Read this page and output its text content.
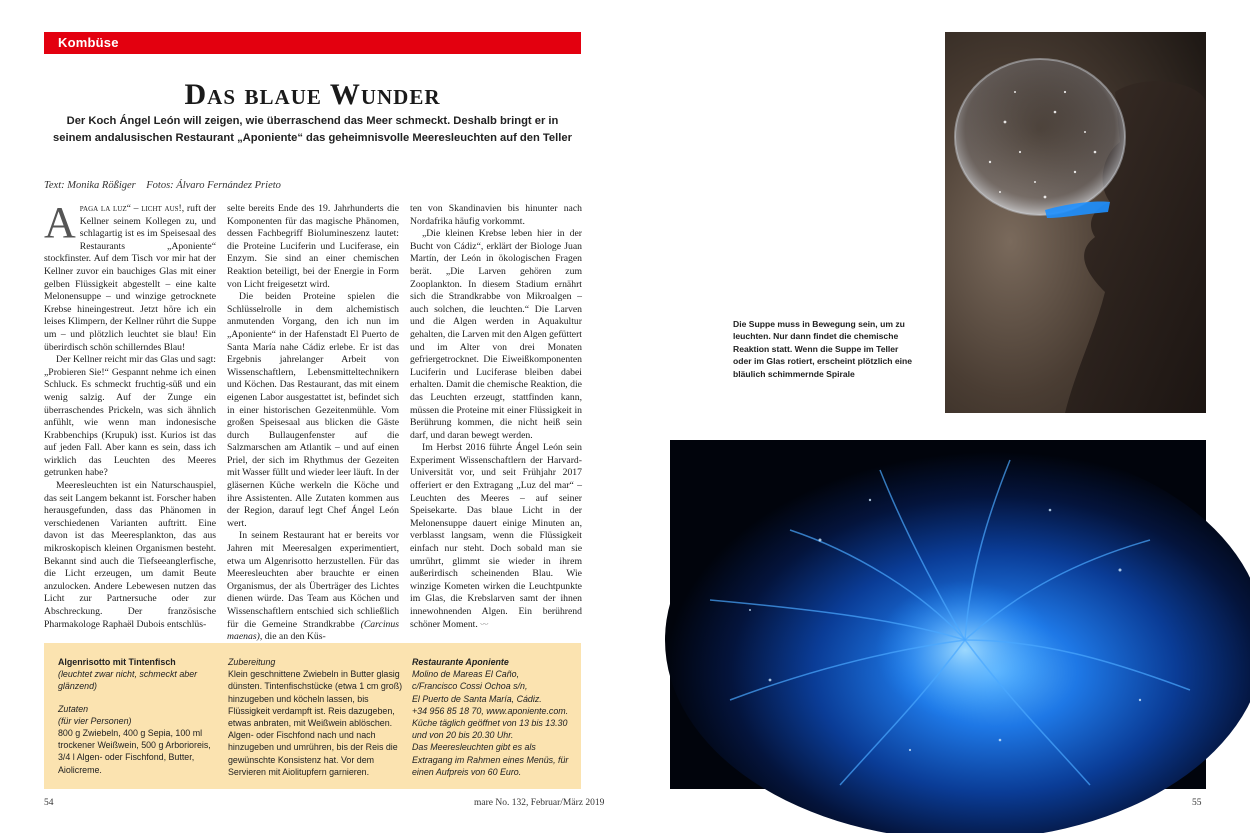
Kombüse
Das blaue Wunder
Der Koch Ángel León will zeigen, wie überraschend das Meer schmeckt. Deshalb bringt er in seinem andalusischen Restaurant „Aponiente“ das geheimnisvolle Meeresleuchten auf den Teller
Text: Monika Rößiger    Fotos: Álvaro Fernández Prieto

Apaga la luz“ – licht aus!, ruft der Kellner seinem Kollegen zu, und schlagartig ist es im Speisesaal des Restaurants „Aponiente“ stockfinster. Auf dem Tisch vor mir hat der Kellner zuvor ein bauchiges Glas mit einer gelben Flüssigkeit abgestellt – eine kalte Melonensuppe – und winzige getrocknete Krebse hineingestreut. Jetzt höre ich ein leises Klimpern, der Kellner rührt die Suppe um – und plötzlich leuchtet sie blau! Ein überirdisch schön schillerndes Blau!

Der Kellner reicht mir das Glas und sagt: „Probieren Sie!“ Gespannt nehme ich einen Schluck. Es schmeckt fruchtig-süß und ein wenig salzig. Auf der Zunge ein überraschendes Prickeln, was sich ähnlich anfühlt, wie wenn man indonesische Krabbenchips (Krupuk) isst. Kurios ist das auf jeden Fall. Aber kann es sein, dass ich wirklich das Leuchten des Meeres getrunken habe?

Meeresleuchten ist ein Naturschauspiel, das seit Langem bekannt ist. Forscher haben herausgefunden, dass das Phänomen in verschiedenen Varianten auftritt. Eine davon ist das Meeresplankton, das aus mikroskopisch kleinen Organismen besteht. Bekannt sind auch die Tiefseeanglerfische, die Licht erzeugen, um damit Beute anzulocken. Andere Lebewesen nutzen das Licht zur Partnersuche oder zur Abschreckung. Der französische Pharmakologe Raphaël Dubois entschlüs-

selte bereits Ende des 19. Jahrhunderts die Komponenten für das magische Phänomen, dessen Fachbegriff Biolumineszenz lautet: die Proteine Luciferin und Luciferase, ein Enzym. Sie sind an einer chemischen Reaktion beteiligt, bei der Energie in Form von Licht freigesetzt wird.

Die beiden Proteine spielen die Schlüsselrolle in dem alchemistisch anmutenden Vorgang, den ich nun im „Aponiente“ in der Hafenstadt El Puerto de Santa María nahe Cádiz erlebe. Er ist das Ergebnis jahrelanger Arbeit von Wissenschaftlern, Lebensmitteltechnikern und Köchen. Das Restaurant, das mit einem eigenen Labor ausgestattet ist, befindet sich in einer historischen Gezeitenmühle. Vom großen Speisesaal aus blicken die Gäste durch Bullaugenfenster auf die Salzmarschen am Atlantik – und auf einen Priel, der sich im Rhythmus der Gezeiten mit Wasser füllt und wieder leer läuft. In der gläsernen Küche werkeln die Köche und ihre Assistenten. Alle Zutaten kommen aus der Region, darauf legt Chef Ángel León wert.

In seinem Restaurant hat er bereits vor Jahren mit Meeresalgen experimentiert, etwa um Algenrisotto herzustellen. Für das Meeresleuchten aber brauchte er einen Organismus, der als Überträger des Lichtes dienen würde. Das Team aus Köchen und Wissenschaftlern entschied sich schließlich für die Gemeine Strandkrabbe (Carcinus maenas), die an den Küs-

ten von Skandinavien bis hinunter nach Nordafrika häufig vorkommt.

„Die kleinen Krebse leben hier in der Bucht von Cádiz“, erklärt der Biologe Juan Martín, der León in ökologischen Fragen berät. „Die Larven gehören zum Zooplankton. In diesem Stadium ernährt sich die Strandkrabbe von Mikroalgen – auch solchen, die leuchten.“ Die Larven und die Algen werden in Aquakultur gehalten, die Larven mit den Algen gefüttert und im Alter von drei Monaten gefriergetrocknet. Die Eiweißkomponenten Luciferin und Luciferase bleiben dabei erhalten. Damit die chemische Reaktion, die das Leuchten erzeugt, stattfinden kann, müssen die Proteine mit einer Flüssigkeit in Berührung kommen, die nicht heiß sein darf, und daran bewegt werden.

Im Herbst 2016 führte Ángel León sein Experiment Wissenschaftlern der Harvard-Universität vor, und seit Frühjahr 2017 offeriert er den Extragang „Luz del mar“ – Leuchten des Meeres – auf seiner Speisekarte. Das blaue Licht in der Melonensuppe dauert einige Minuten an, verblasst langsam, wenn die Flüssigkeit einfach nur steht. Doch sobald man sie umrührt, glimmt sie wieder in ihrem außerirdisch scheinenden Blau. Wie winzige Kometen wirken die Leuchtpunkte im Glas, die Krebslarven samt der ihnen innewohnenden Algen. Ein berührend schöner Moment. 〰

Algenrisotto mit Tintenfisch
(leuchtet zwar nicht, schmeckt aber glänzend)
Zutaten
(für vier Personen)
800 g Zwiebeln, 400 g Sepia, 100 ml trockener Weißwein, 500 g Arborioreis, 3/4 l Algen- oder Fischfond, Butter, Aiolicreme.
Zubereitung
Klein geschnittene Zwiebeln in Butter glasig dünsten. Tintenfischstücke (etwa 1 cm groß) hinzugeben und köcheln lassen, bis Flüssigkeit verdampft ist. Reis dazugeben, etwas anbraten, mit Weißwein ablöschen. Algen- oder Fischfond nach und nach hinzugeben und umrühren, bis der Reis die gewünschte Konsistenz hat. Vor dem Servieren mit Aiolitupfern garnieren.
Restaurante Aponiente
Molino de Mareas El Caño,
c/Francisco Cossi Ochoa s/n,
El Puerto de Santa María, Cádiz.
+34 956 85 18 70, www.aponiente.com.
Küche täglich geöffnet von 13 bis 13.30 und von 20 bis 20.30 Uhr.
Das Meeresleuchten gibt es als Extragang im Rahmen eines Menüs, für einen Aufpreis von 60 Euro.
54	mare No. 132, Februar/März 2019	55
Die Suppe muss in Bewegung sein, um zu leuchten. Nur dann findet die chemische Reaktion statt. Wenn die Suppe im Teller oder im Glas rotiert, erscheint plötzlich eine bläulich schimmernde Spirale
